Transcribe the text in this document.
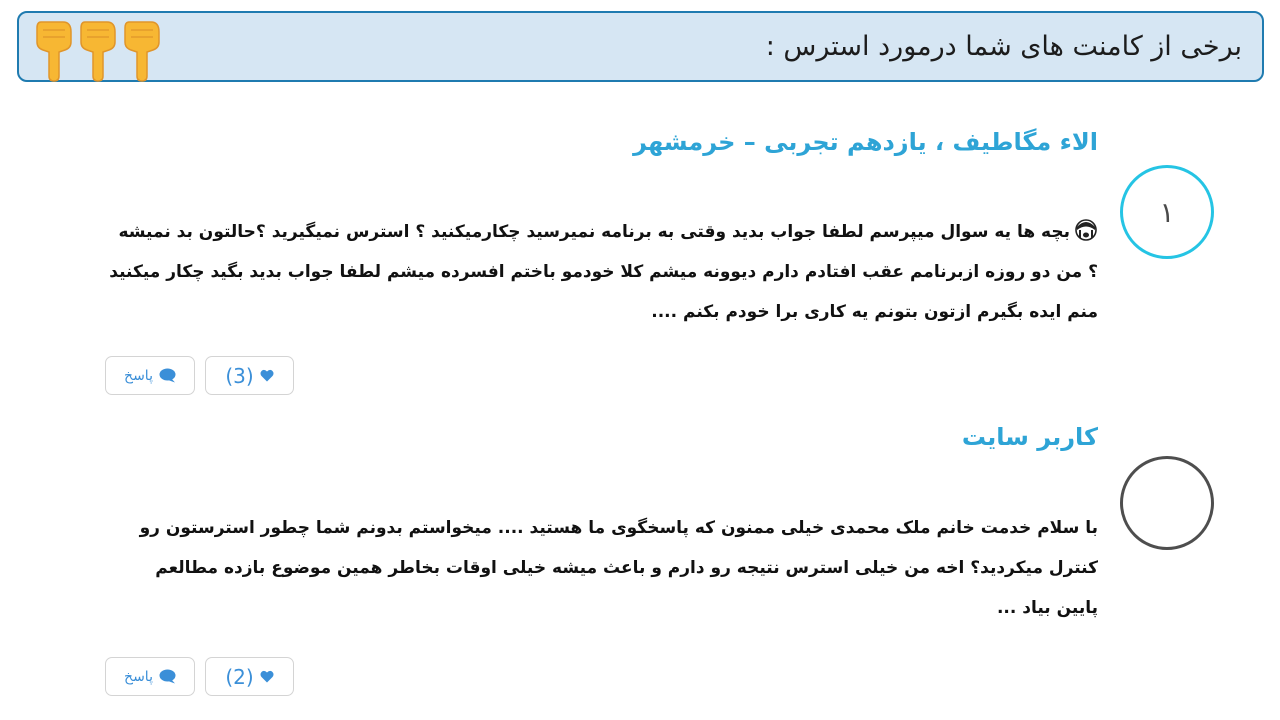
برخی از کامنت های شما درمورد استرس :
الاء مگاطیف ، یازدهم تجربی – خرمشهر
۱
بچه ها یه سوال میپرسم لطفا جواب بدید وقتی به برنامه نمیرسید چکارمیکنید ؟ استرس نمیگیرید ؟حالتون بد نمیشه ؟ من دو روزه ازبرنامم عقب افتادم دارم دیوونه میشم کلا خودمو باختم افسرده میشم لطفا جواب بدید بگید چکار میکنید منم ایده بگیرم ازتون بتونم یه کاری برا خودم بکنم ....
(3)
پاسخ
کاربر سایت
با سلام خدمت خانم ملک محمدی خیلی ممنون که پاسخگوی ما هستید .... میخواستم بدونم شما چطور استرستون رو کنترل میکردید؟ اخه من خیلی استرس نتیجه رو دارم و باعث میشه خیلی اوقات بخاطر همین موضوع بازده مطالعم پایین بیاد ...
(2)
پاسخ
